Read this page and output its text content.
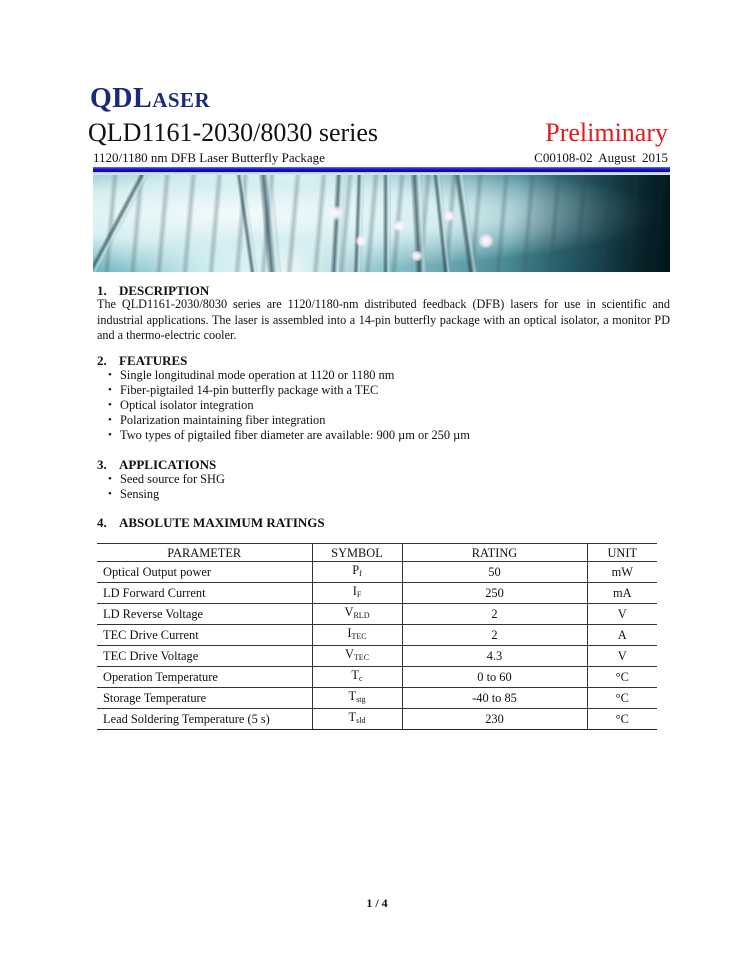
QDLASER
QLD1161-2030/8030 series
1120/1180 nm DFB Laser Butterfly Package
Preliminary
C00108-02 August 2015
1. DESCRIPTION
The QLD1161-2030/8030 series are 1120/1180-nm distributed feedback (DFB) lasers for use in scientific and industrial applications. The laser is assembled into a 14-pin butterfly package with an optical isolator, a monitor PD and a thermo-electric cooler.
2. FEATURES
• Single longitudinal mode operation at 1120 or 1180 nm
• Fiber-pigtailed 14-pin butterfly package with a TEC
• Optical isolator integration
• Polarization maintaining fiber integration
• Two types of pigtailed fiber diameter are available: 900 µm or 250 µm
3. APPLICATIONS
• Seed source for SHG
• Sensing
4. ABSOLUTE MAXIMUM RATINGS
PARAMETER	SYMBOL	RATING	UNIT
Optical Output power	$P_f$	50	mW
LD Forward Current	$I_F$	250	mA
LD Reverse Voltage	$V_{RLD}$	2	V
TEC Drive Current	$I_{TEC}$	2	A
TEC Drive Voltage	$V_{TEC}$	4.3	V
Operation Temperature	$T_c$	0 to 60	°C
Storage Temperature	$T_{stg}$	-40 to 85	°C
Lead Soldering Temperature (5 s)	$T_{sld}$	230	°C
1 / 4
